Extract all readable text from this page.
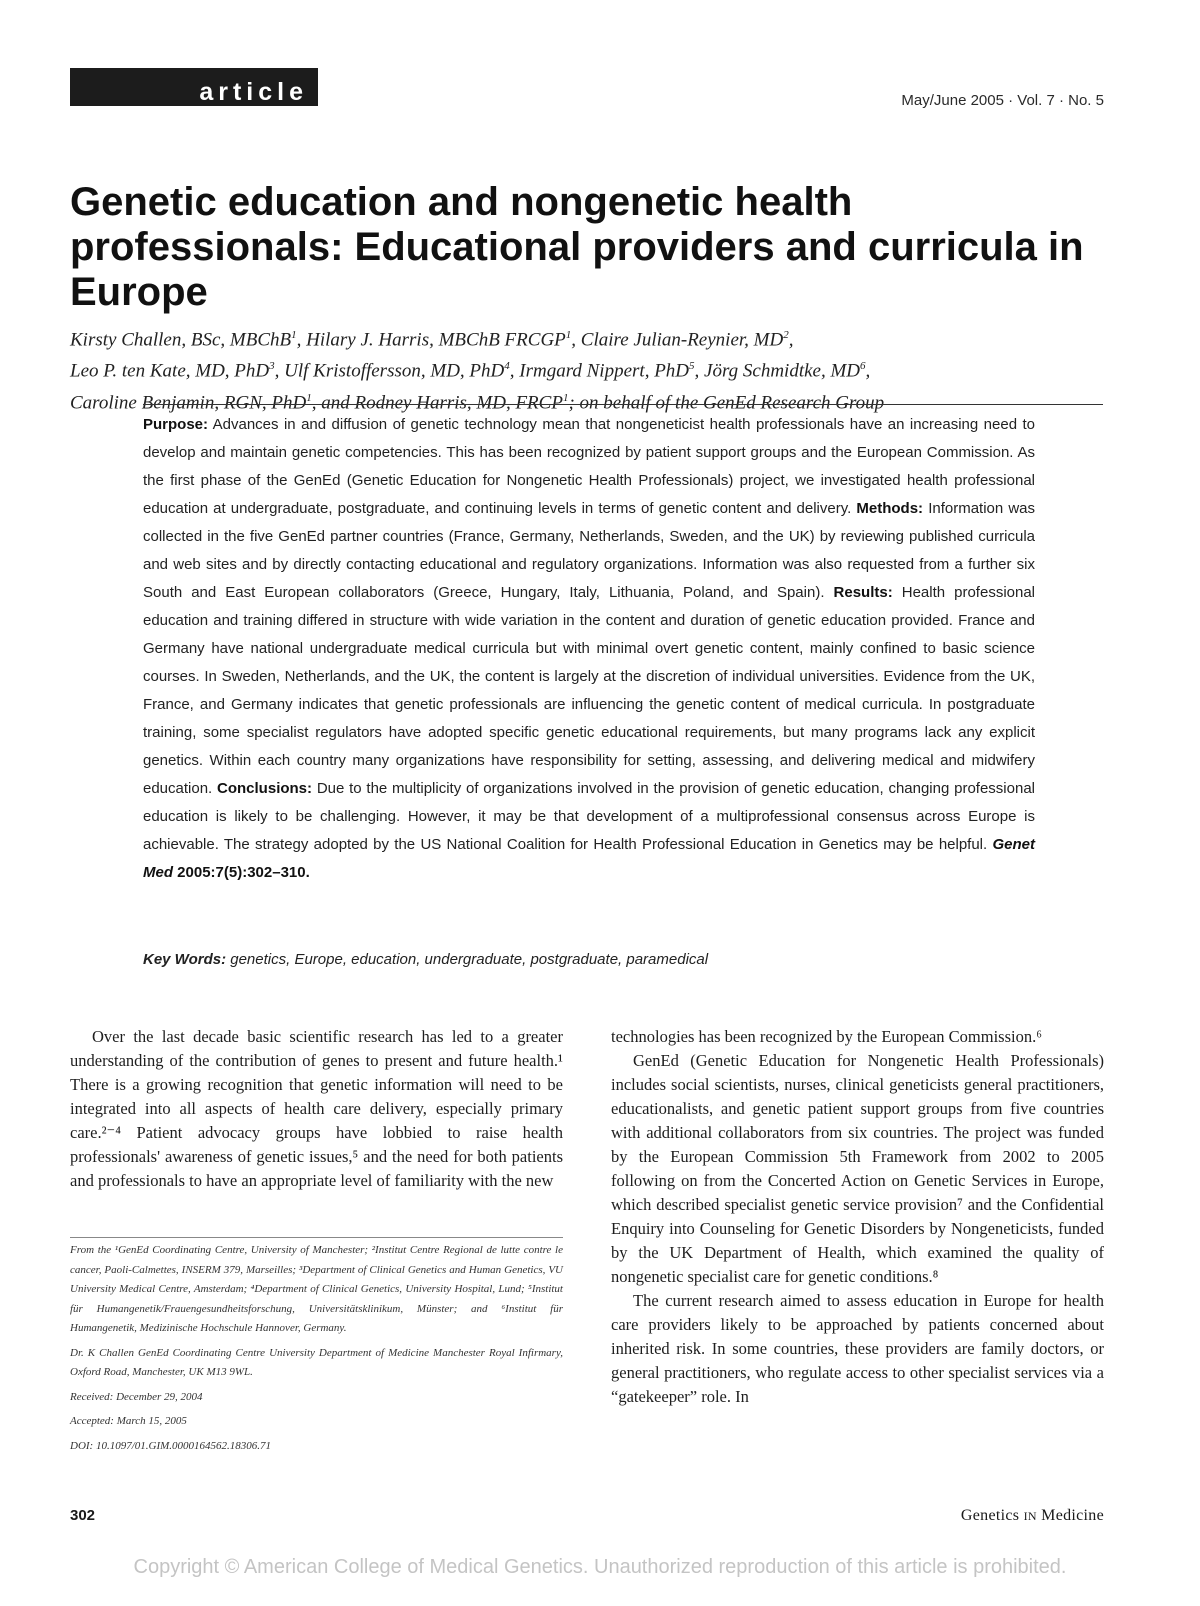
article	May/June 2005 · Vol. 7 · No. 5
Genetic education and nongenetic health professionals: Educational providers and curricula in Europe
Kirsty Challen, BSc, MBChB$^1$, Hilary J. Harris, MBChB FRCGP$^1$, Claire Julian-Reynier, $MD^2$,
Leo P. ten Kate, MD, PhD$^3$, Ulf Kristoffersson, MD, PhD$^4$, Irmgard Nippert, PhD$^5$, Jörg Schmidtke, $MD^6$,
Caroline Benjamin, RGN, PhD$^1$, and Rodney Harris, MD, FRCP$^1$; on behalf of the GenEd Research Group
Purpose: Advances in and diffusion of genetic technology mean that nongeneticist health professionals have an increasing need to develop and maintain genetic competencies. This has been recognized by patient support groups and the European Commission. As the first phase of the GenEd (Genetic Education for Nongenetic Health Professionals) project, we investigated health professional education at undergraduate, postgraduate, and continuing levels in terms of genetic content and delivery. Methods: Information was collected in the five GenEd partner countries (France, Germany, Netherlands, Sweden, and the UK) by reviewing published curricula and web sites and by directly contacting educational and regulatory organizations. Information was also requested from a further six South and East European collaborators (Greece, Hungary, Italy, Lithuania, Poland, and Spain). Results: Health professional education and training differed in structure with wide variation in the content and duration of genetic education provided. France and Germany have national undergraduate medical curricula but with minimal overt genetic content, mainly confined to basic science courses. In Sweden, Netherlands, and the UK, the content is largely at the discretion of individual universities. Evidence from the UK, France, and Germany indicates that genetic professionals are influencing the genetic content of medical curricula. In postgraduate training, some specialist regulators have adopted specific genetic educational requirements, but many programs lack any explicit genetics. Within each country many organizations have responsibility for setting, assessing, and delivering medical and midwifery education. Conclusions: Due to the multiplicity of organizations involved in the provision of genetic education, changing professional education is likely to be challenging. However, it may be that development of a multiprofessional consensus across Europe is achievable. The strategy adopted by the US National Coalition for Health Professional Education in Genetics may be helpful. Genet Med 2005:7(5):302–310.
Key Words: genetics, Europe, education, undergraduate, postgraduate, paramedical

Over the last decade basic scientific research has led to a greater understanding of the contribution of genes to present and future health.¹ There is a growing recognition that genetic information will need to be integrated into all aspects of health care delivery, especially primary care.²⁻⁴ Patient advocacy groups have lobbied to raise health professionals' awareness of genetic issues,⁵ and the need for both patients and professionals to have an appropriate level of familiarity with the new

technologies has been recognized by the European Commission.⁶

GenEd (Genetic Education for Nongenetic Health Professionals) includes social scientists, nurses, clinical geneticists general practitioners, educationalists, and genetic patient support groups from five countries with additional collaborators from six countries. The project was funded by the European Commission 5th Framework from 2002 to 2005 following on from the Concerted Action on Genetic Services in Europe, which described specialist genetic service provision⁷ and the Confidential Enquiry into Counseling for Genetic Disorders by Nongeneticists, funded by the UK Department of Health, which examined the quality of nongenetic specialist care for genetic conditions.⁸

The current research aimed to assess education in Europe for health care providers likely to be approached by patients concerned about inherited risk. In some countries, these providers are family doctors, or general practitioners, who regulate access to other specialist services via a “gatekeeper” role. In

From the ¹GenEd Coordinating Centre, University of Manchester; ²Institut Centre Regional de lutte contre le cancer, Paoli-Calmettes, INSERM 379, Marseilles; ³Department of Clinical Genetics and Human Genetics, VU University Medical Centre, Amsterdam; ⁴Department of Clinical Genetics, University Hospital, Lund; ⁵Institut für Humangenetik/Frauengesundheitsforschung, Universitätsklinikum, Münster; and ⁶Institut für Humangenetik, Medizinische Hochschule Hannover, Germany.

Dr. K Challen GenEd Coordinating Centre University Department of Medicine Manchester Royal Infirmary, Oxford Road, Manchester, UK M13 9WL.

Received: December 29, 2004

Accepted: March 15, 2005

DOI: 10.1097/01.GIM.0000164562.18306.71

302	Genetics IN Medicine
Copyright © American College of Medical Genetics. Unauthorized reproduction of this article is prohibited.
